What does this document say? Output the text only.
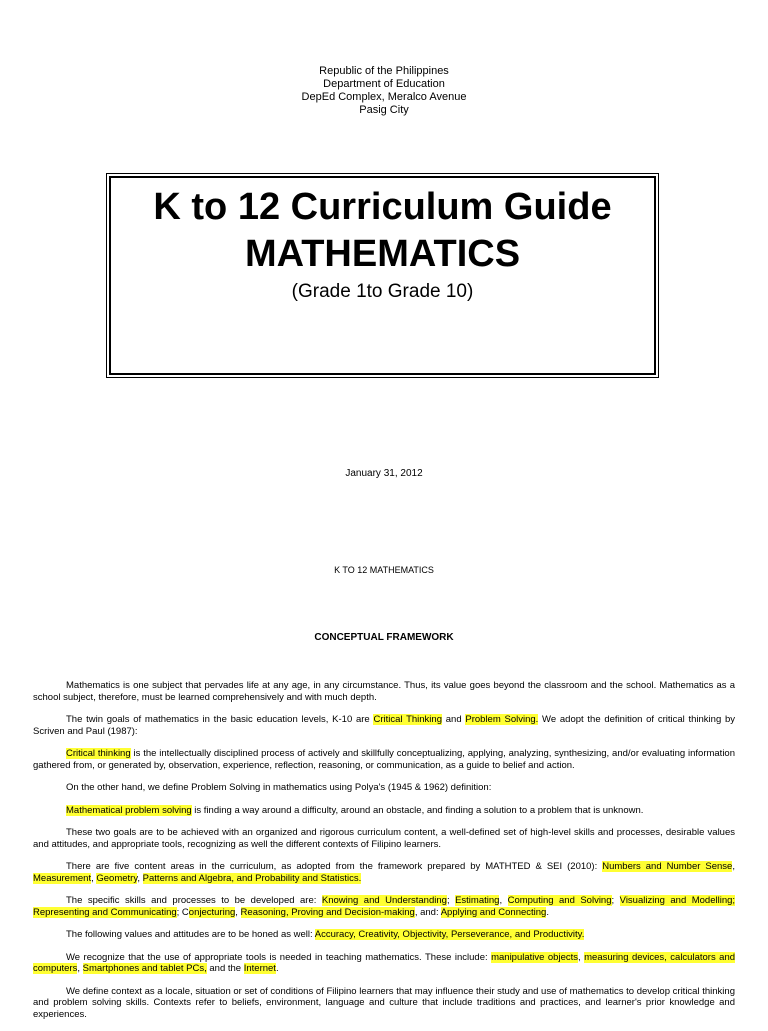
Republic of the Philippines
Department of Education
DepEd Complex, Meralco Avenue
Pasig City
K to 12 Curriculum Guide
MATHEMATICS
(Grade 1to Grade 10)
January 31, 2012
K TO 12 MATHEMATICS
CONCEPTUAL FRAMEWORK

Mathematics is one subject that pervades life at any age, in any circumstance. Thus, its value goes beyond the classroom and the school. Mathematics as a school subject, therefore, must be learned comprehensively and with much depth.

The twin goals of mathematics in the basic education levels, K-10 are Critical Thinking and Problem Solving. We adopt the definition of critical thinking by Scriven and Paul (1987):

Critical thinking is the intellectually disciplined process of actively and skillfully conceptualizing, applying, analyzing, synthesizing, and/or evaluating information gathered from, or generated by, observation, experience, reflection, reasoning, or communication, as a guide to belief and action.

On the other hand, we define Problem Solving in mathematics using Polya's (1945 & 1962) definition:

Mathematical problem solving is finding a way around a difficulty, around an obstacle, and finding a solution to a problem that is unknown.

These two goals are to be achieved with an organized and rigorous curriculum content, a well-defined set of high-level skills and processes, desirable values and attitudes, and appropriate tools, recognizing as well the different contexts of Filipino learners.

There are five content areas in the curriculum, as adopted from the framework prepared by MATHTED & SEI (2010): Numbers and Number Sense, Measurement, Geometry, Patterns and Algebra, and Probability and Statistics.

The specific skills and processes to be developed are: Knowing and Understanding; Estimating, Computing and Solving; Visualizing and Modelling; Representing and Communicating; Conjecturing, Reasoning, Proving and Decision-making, and: Applying and Connecting.

The following values and attitudes are to be honed as well: Accuracy, Creativity, Objectivity, Perseverance, and Productivity.

We recognize that the use of appropriate tools is needed in teaching mathematics. These include: manipulative objects, measuring devices, calculators and computers, Smartphones and tablet PCs, and the Internet.

We define context as a locale, situation or set of conditions of Filipino learners that may influence their study and use of mathematics to develop critical thinking and problem solving skills. Contexts refer to beliefs, environment, language and culture that include traditions and practices, and learner's prior knowledge and experiences.
